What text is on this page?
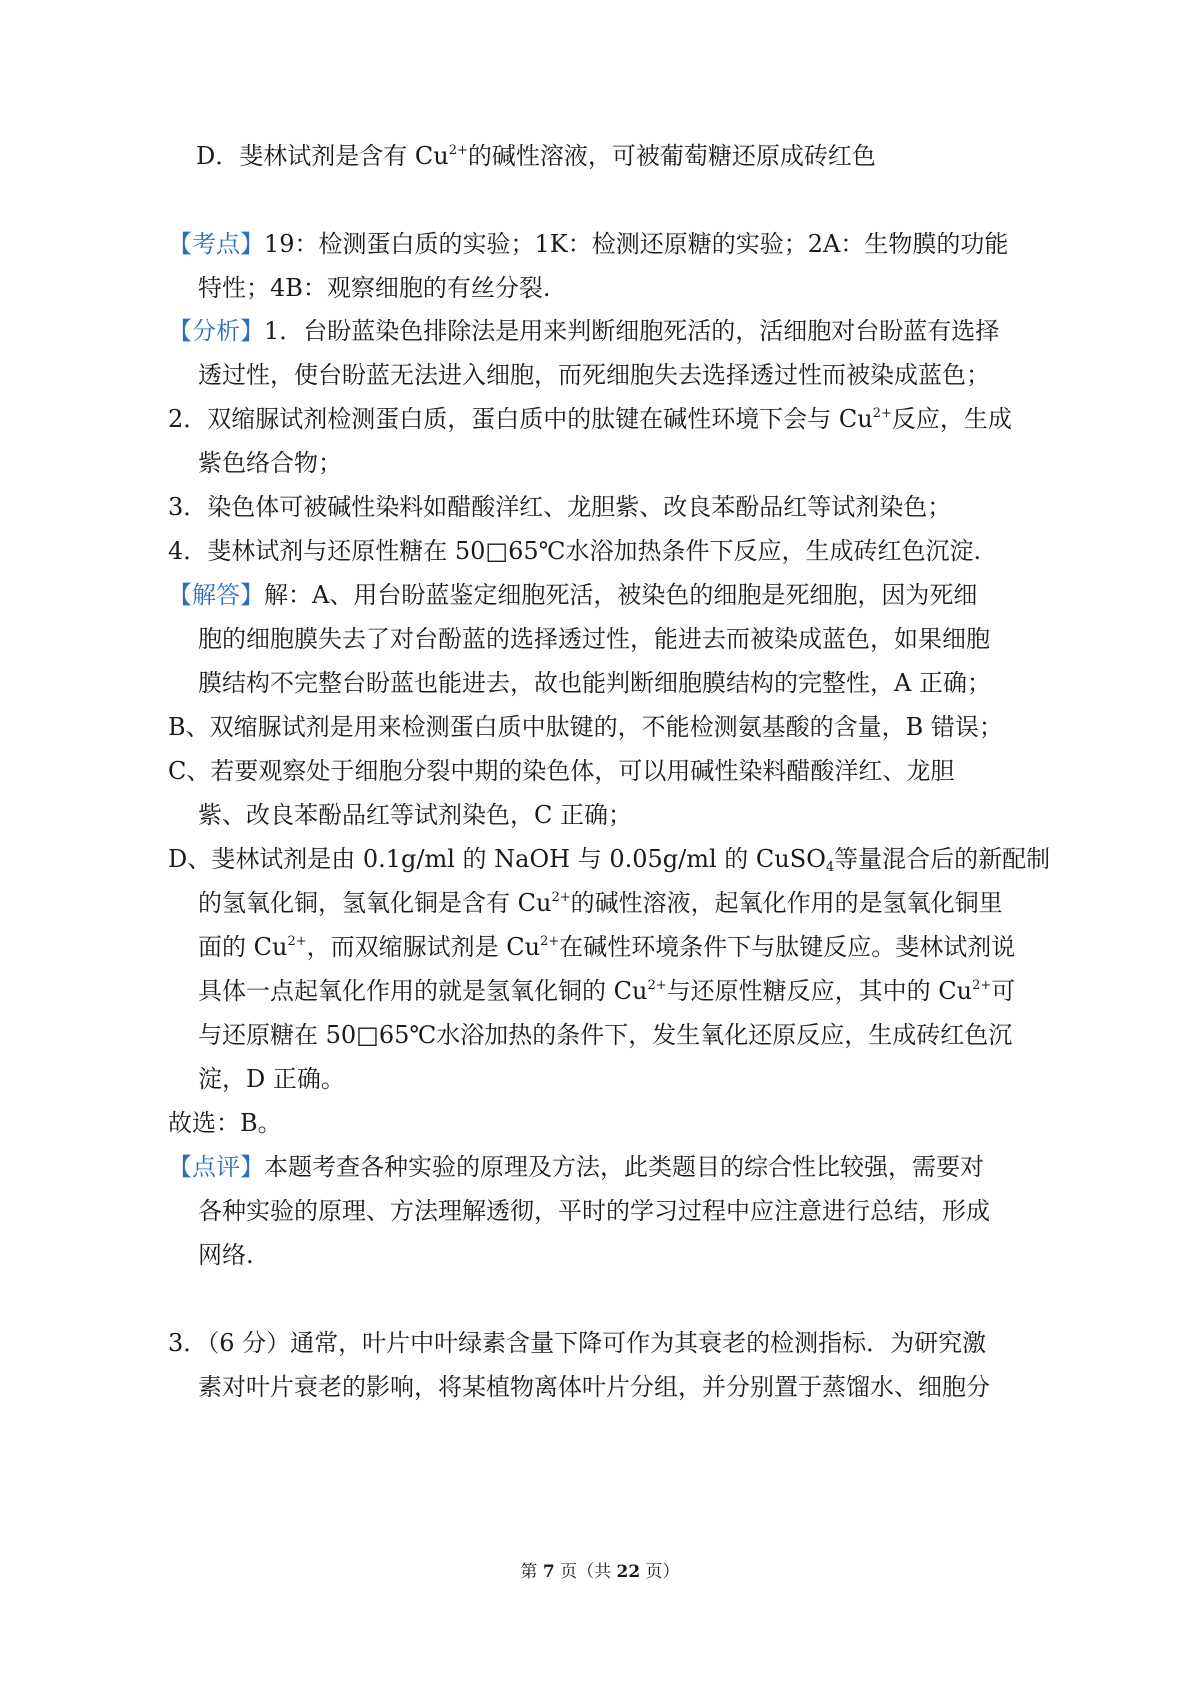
D．斐林试剂是含有 $Cu^{2+}$的碱性溶液，可被葡萄糖还原成砖红色
【考点】19：检测蛋白质的实验；1K：检测还原糖的实验；2A：生物膜的功能
特性；4B：观察细胞的有丝分裂.
【分析】1．台盼蓝染色排除法是用来判断细胞死活的，活细胞对台盼蓝有选择
透过性，使台盼蓝无法进入细胞，而死细胞失去选择透过性而被染成蓝色；
2．双缩脲试剂检测蛋白质，蛋白质中的肽键在碱性环境下会与 $Cu^{2+}$反应，生成
紫色络合物；
3．染色体可被碱性染料如醋酸洋红、龙胆紫、改良苯酚品红等试剂染色；
4．斐林试剂与还原性糖在 50□65℃水浴加热条件下反应，生成砖红色沉淀.
【解答】解：A、用台盼蓝鉴定细胞死活，被染色的细胞是死细胞，因为死细
胞的细胞膜失去了对台酚蓝的选择透过性，能进去而被染成蓝色，如果细胞
膜结构不完整台盼蓝也能进去，故也能判断细胞膜结构的完整性，A 正确；
B、双缩脲试剂是用来检测蛋白质中肽键的，不能检测氨基酸的含量，B 错误；
C、若要观察处于细胞分裂中期的染色体，可以用碱性染料醋酸洋红、龙胆
紫、改良苯酚品红等试剂染色，C 正确；
D、斐林试剂是由 0.1g/ml 的 NaOH 与 0.05g/ml 的 CuSO$_4$等量混合后的新配制
的氢氧化铜，氢氧化铜是含有 $Cu^{2+}$的碱性溶液，起氧化作用的是氢氧化铜里
面的 $Cu^{2+}$，而双缩脲试剂是 $Cu^{2+}$在碱性环境条件下与肽键反应。斐林试剂说
具体一点起氧化作用的就是氢氧化铜的 $Cu^{2+}$与还原性糖反应，其中的 $Cu^{2+}$可
与还原糖在 50□65℃水浴加热的条件下，发生氧化还原反应，生成砖红色沉
淀，D 正确。
故选：B。
【点评】本题考查各种实验的原理及方法，此类题目的综合性比较强，需要对
各种实验的原理、方法理解透彻，平时的学习过程中应注意进行总结，形成
网络.
3．（6 分）通常，叶片中叶绿素含量下降可作为其衰老的检测指标．为研究激
素对叶片衰老的影响，将某植物离体叶片分组，并分别置于蒸馏水、细胞分
第 7 页（共 22 页）
